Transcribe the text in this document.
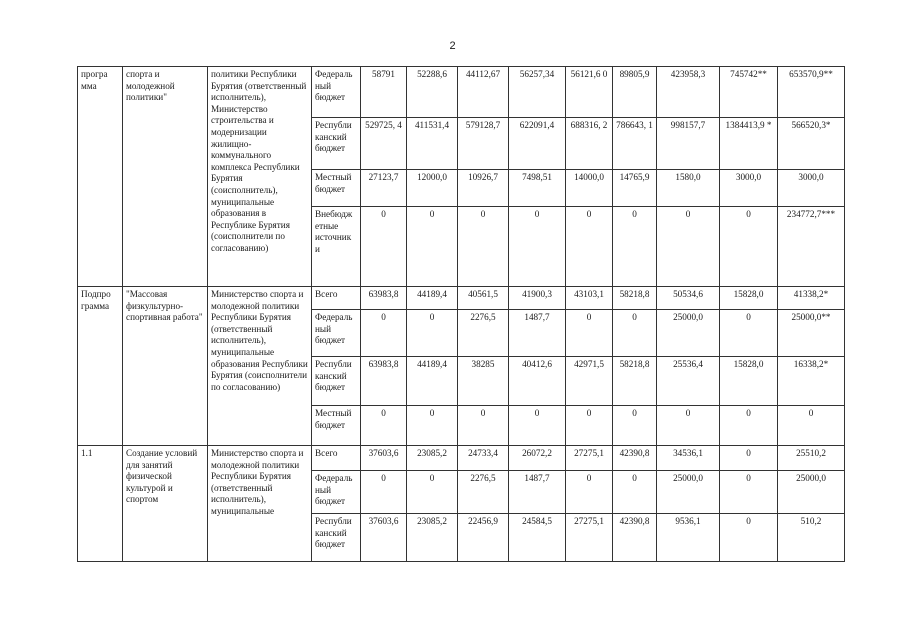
2
програ мма	спорта и молодежной политики"	политики Республики Бурятия (ответственный исполнитель), Министерство строительства и модернизации жилищно-коммунального комплекса Республики Бурятия (соисполнитель), муниципальные образования в Республике Бурятия (соисполнители по согласованию)	Федераль ный бюджет	58791	52288,6	44112,67	56257,34	56121,6 0	89805,9	423958,3	745742**	653570,9**
			Республи канский бюджет	529725, 4	411531,4	579128,7	622091,4	688316, 2	786643, 1	998157,7	1384413,9 *	566520,3*
			Местный бюджет	27123,7	12000,0	10926,7	7498,51	14000,0	14765,9	1580,0	3000,0	3000,0
			Внебюдж етные источник и	0	0	0	0	0	0	0	0	234772,7***
Подпро грамма	"Массовая физкультурно-спортивная работа"	Министерство спорта и молодежной политики Республики Бурятия (ответственный исполнитель), муниципальные образования Республики Бурятия (соисполнители по согласованию)	Всего	63983,8	44189,4	40561,5	41900,3	43103,1	58218,8	50534,6	15828,0	41338,2*
			Федераль ный бюджет	0	0	2276,5	1487,7	0	0	25000,0	0	25000,0**
			Республи канский бюджет	63983,8	44189,4	38285	40412,6	42971,5	58218,8	25536,4	15828,0	16338,2*
			Местный бюджет	0	0	0	0	0	0	0	0	0
1.1	Создание условий для занятий физической культурой и спортом	Министерство спорта и молодежной политики Республики Бурятия (ответственный исполнитель), муниципальные	Всего	37603,6	23085,2	24733,4	26072,2	27275,1	42390,8	34536,1	0	25510,2
			Федераль ный бюджет	0	0	2276,5	1487,7	0	0	25000,0	0	25000,0
			Республи канский бюджет	37603,6	23085,2	22456,9	24584,5	27275,1	42390,8	9536,1	0	510,2
